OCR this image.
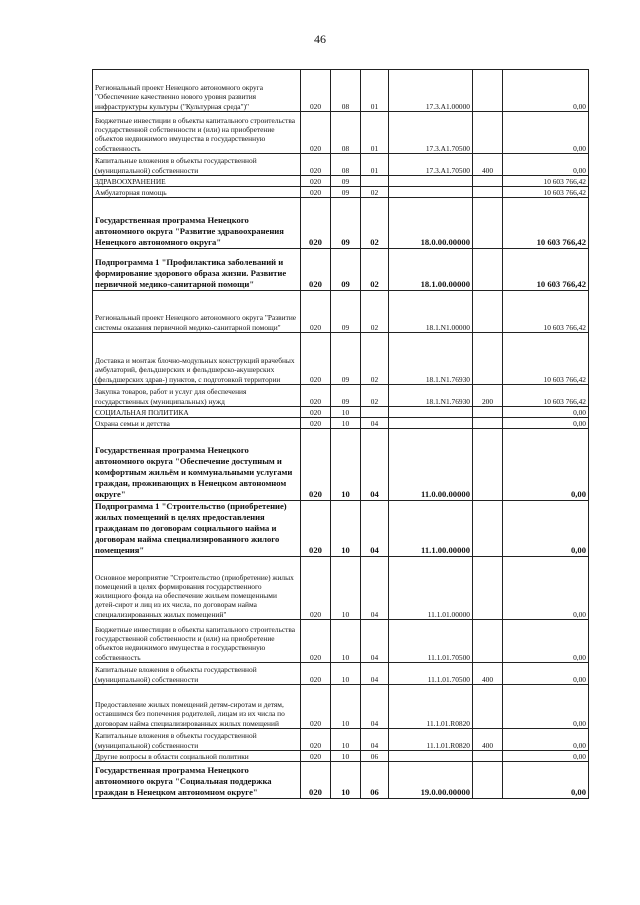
46
Региональный проект Ненецкого автономного округа "Обеспечение качественно нового уровня развития инфраструктуры культуры ("Культурная среда")"	020	08	01	17.3.А1.00000		0,00
Бюджетные инвестиции в объекты капитального строительства государственной собственности и (или) на приобретение объектов недвижимого имущества в государственную собственность	020	08	01	17.3.А1.70500		0,00
Капитальные вложения в объекты государственной (муниципальной) собственности	020	08	01	17.3.А1.70500	400	0,00
ЗДРАВООХРАНЕНИЕ	020	09				10 603 766,42
Амбулаторная помощь	020	09	02			10 603 766,42
Государственная программа Ненецкого автономного округа "Развитие здравоохранения Ненецкого автономного округа"	020	09	02	18.0.00.00000		10 603 766,42
Подпрограмма 1 "Профилактика заболеваний и формирование здорового образа жизни. Развитие первичной медико-санитарной помощи"	020	09	02	18.1.00.00000		10 603 766,42
Региональный проект Ненецкого автономного округа "Развитие системы оказания первичной медико-санитарной помощи"	020	09	02	18.1.N1.00000		10 603 766,42
Доставка и монтаж блочно-модульных конструкций врачебных амбулаторий, фельдшерских и фельдшерско-акушерских (фельдшерских здрав-) пунктов, с подготовкой территории	020	09	02	18.1.N1.76930		10 603 766,42
Закупка товаров, работ и услуг для обеспечения государственных (муниципальных) нужд	020	09	02	18.1.N1.76930	200	10 603 766,42
СОЦИАЛЬНАЯ ПОЛИТИКА	020	10				0,00
Охрана семьи и детства	020	10	04			0,00
Государственная программа Ненецкого автономного округа "Обеспечение доступным и комфортным жильём и коммунальными услугами граждан, проживающих в Ненецком автономном округе"	020	10	04	11.0.00.00000		0,00
Подпрограмма 1 "Строительство (приобретение) жилых помещений в целях предоставления гражданам по договорам социального найма и договорам найма специализированного жилого помещения"	020	10	04	11.1.00.00000		0,00
Основное мероприятие "Строительство (приобретение) жилых помещений в целях формирования государственного жилищного фонда на обеспечение жильем помещенными детей-сирот и лиц из их числа, по договорам найма специализированных жилых помещений"	020	10	04	11.1.01.00000		0,00
Бюджетные инвестиции в объекты капитального строительства государственной собственности и (или) на приобретение объектов недвижимого имущества в государственную собственность	020	10	04	11.1.01.70500		0,00
Капитальные вложения в объекты государственной (муниципальной) собственности	020	10	04	11.1.01.70500	400	0,00
Предоставление жилых помещений детям-сиротам и детям, оставшимся без попечения родителей, лицам из их числа по договорам найма специализированных жилых помещений	020	10	04	11.1.01.R0820		0,00
Капитальные вложения в объекты государственной (муниципальной) собственности	020	10	04	11.1.01.R0820	400	0,00
Другие вопросы в области социальной политики	020	10	06			0,00
Государственная программа Ненецкого автономного округа "Социальная поддержка граждан в Ненецком автономном округе"	020	10	06	19.0.00.00000		0,00
